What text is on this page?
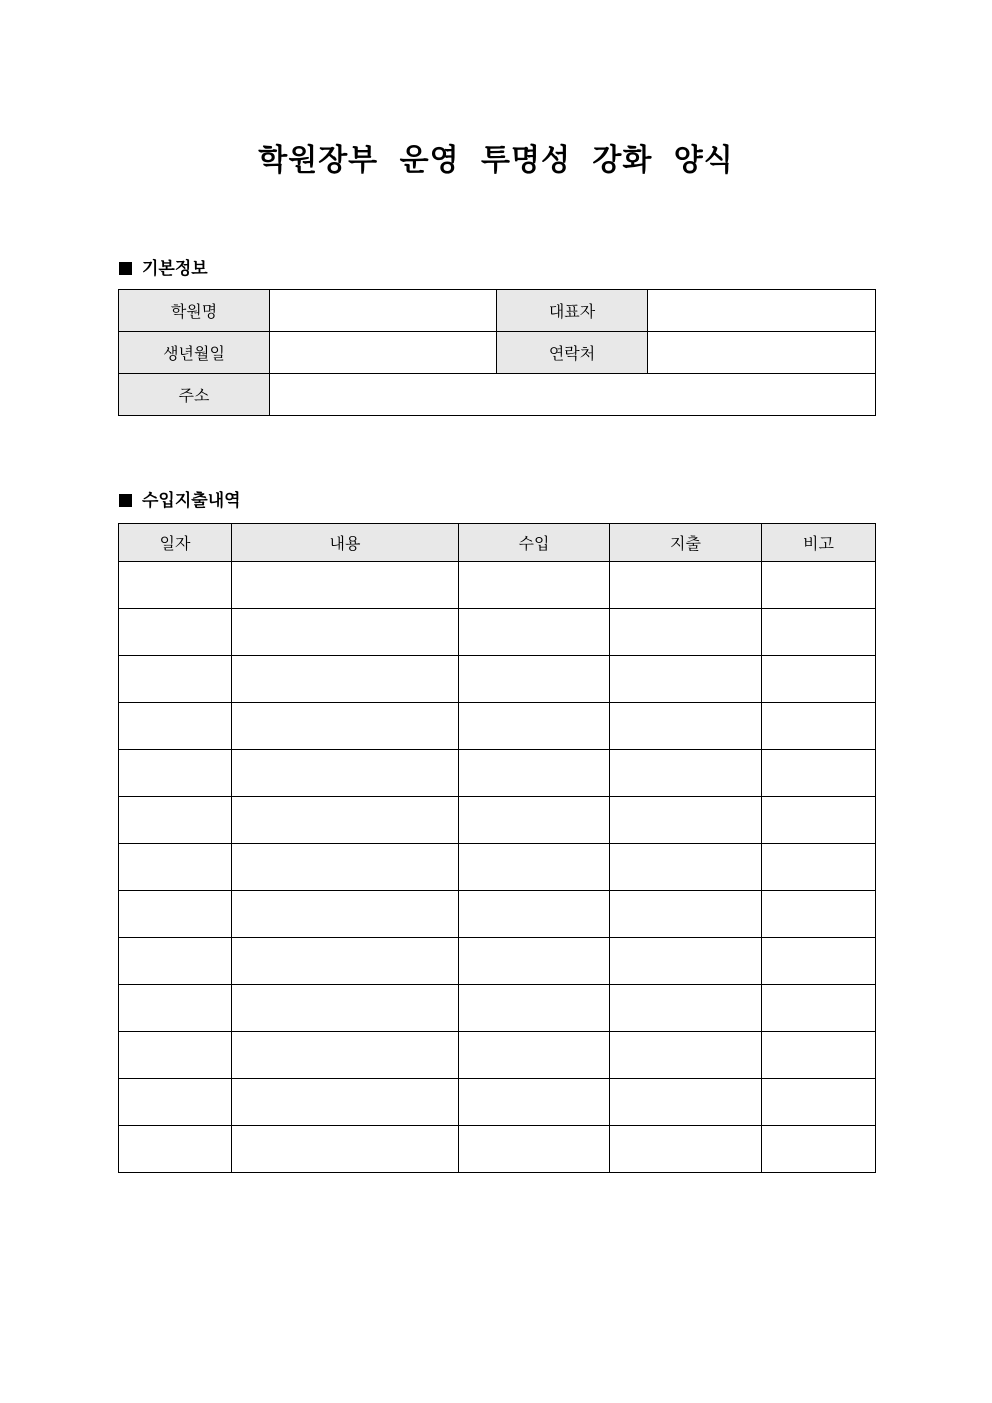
학원장부 운영 투명성 강화 양식
기본정보
학원명		대표자	
생년월일		연락처	
주소			
수입지출내역
일자	내용	수입	지출	비고
